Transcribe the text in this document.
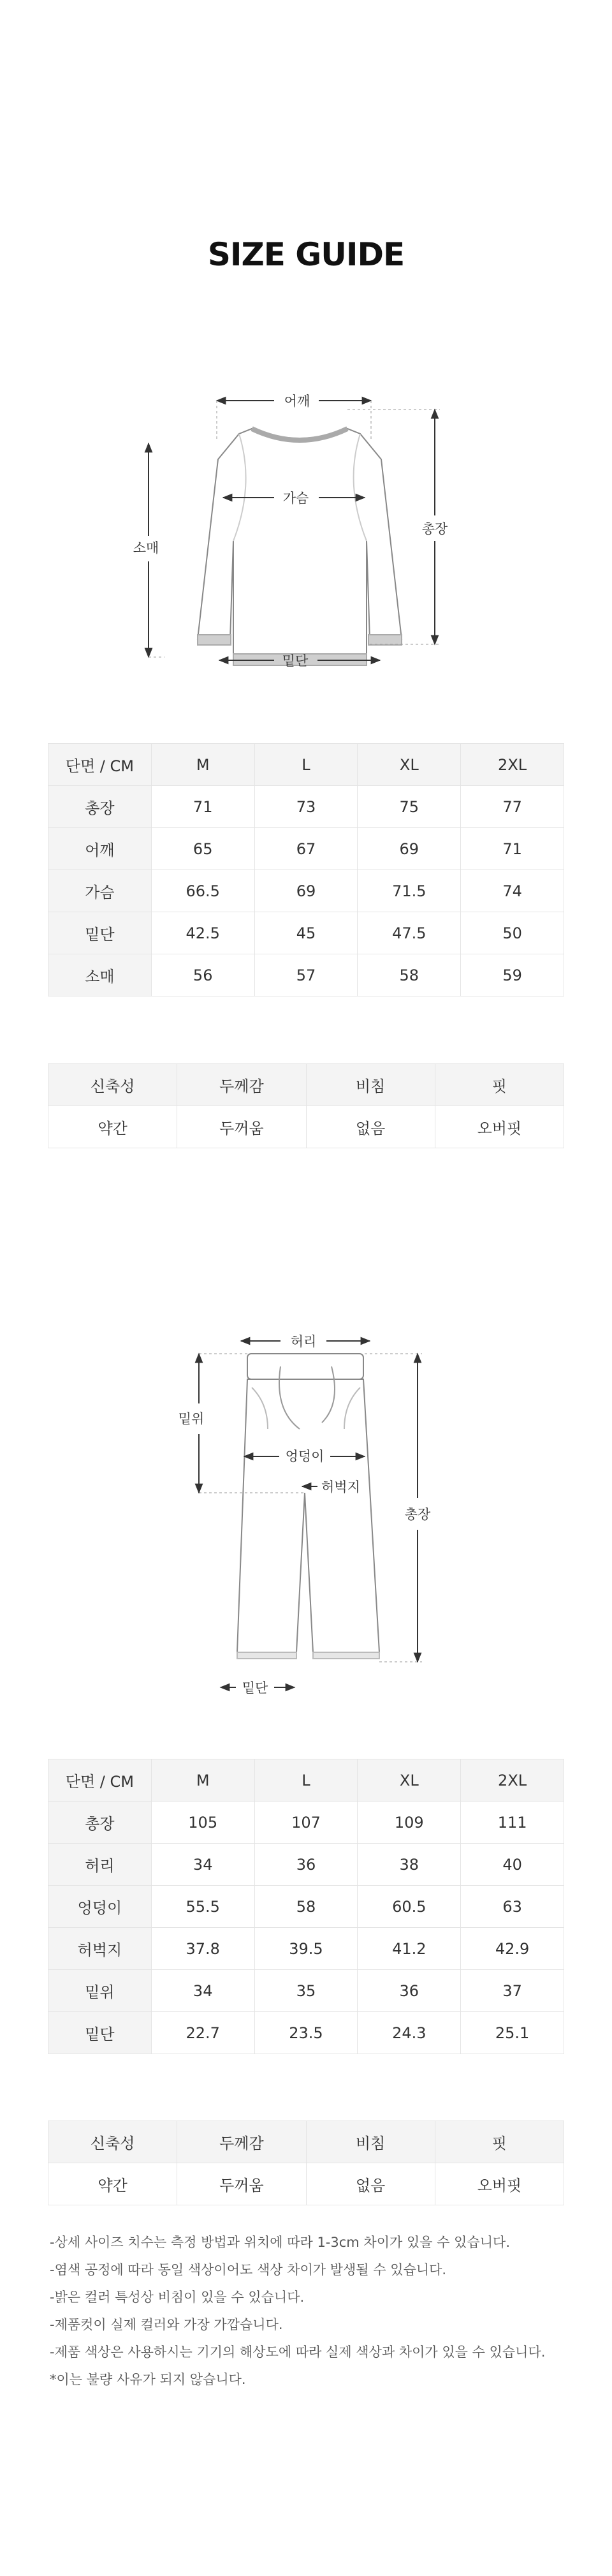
SIZE GUIDE
어깨
가슴
총장
소매
밑단
단면 / CM	M	L	XL	2XL
총장	71	73	75	77
어깨	65	67	69	71
가슴	66.5	69	71.5	74
밑단	42.5	45	47.5	50
소매	56	57	58	59
신축성	두께감	비침	핏
약간	두꺼움	없음	오버핏
허리
밑위
엉덩이
허벅지
총장
밑단
단면 / CM	M	L	XL	2XL
총장	105	107	109	111
허리	34	36	38	40
엉덩이	55.5	58	60.5	63
허벅지	37.8	39.5	41.2	42.9
밑위	34	35	36	37
밑단	22.7	23.5	24.3	25.1
신축성	두께감	비침	핏
약간	두꺼움	없음	오버핏
-상세 사이즈 치수는 측정 방법과 위치에 따라 1-3cm 차이가 있을 수 있습니다.
-염색 공정에 따라 동일 색상이어도 색상 차이가 발생될 수 있습니다.
-밝은 컬러 특성상 비침이 있을 수 있습니다.
-제품컷이 실제 컬러와 가장 가깝습니다.
-제품 색상은 사용하시는 기기의 해상도에 따라 실제 색상과 차이가 있을 수 있습니다.
*이는 불량 사유가 되지 않습니다.
